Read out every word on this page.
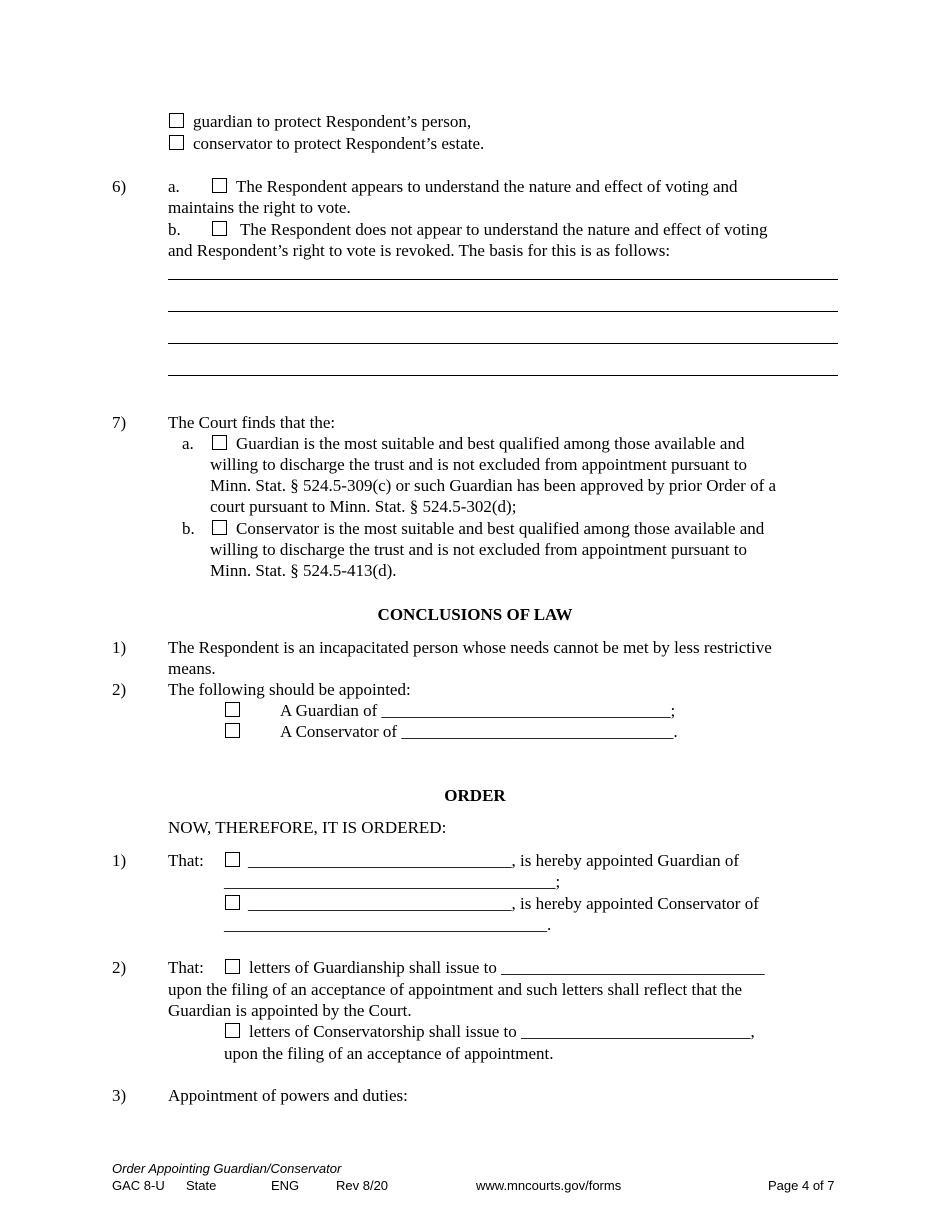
guardian to protect Respondent’s person,
conservator to protect Respondent’s estate.
6) a.	The Respondent appears to understand the nature and effect of voting and
maintains the right to vote.
b.	The Respondent does not appear to understand the nature and effect of voting
and Respondent’s right to vote is revoked. The basis for this is as follows:
7) The Court finds that the:
a. Guardian is the most suitable and best qualified among those available and
willing to discharge the trust and is not excluded from appointment pursuant to
Minn. Stat. § 524.5-309(c) or such Guardian has been approved by prior Order of a
court pursuant to Minn. Stat. § 524.5-302(d);
b. Conservator is the most suitable and best qualified among those available and
willing to discharge the trust and is not excluded from appointment pursuant to
Minn. Stat. § 524.5-413(d).
CONCLUSIONS OF LAW
1) The Respondent is an incapacitated person whose needs cannot be met by less restrictive
means.
2) The following should be appointed:
A Guardian of __________________________________;
A Conservator of ________________________________.
ORDER
NOW, THEREFORE, IT IS ORDERED:
1) That:	_______________________________, is hereby appointed Guardian of
_______________________________________;
_______________________________, is hereby appointed Conservator of
______________________________________.
2) That:	letters of Guardianship shall issue to _______________________________
upon the filing of an acceptance of appointment and such letters shall reflect that the
Guardian is appointed by the Court.
letters of Conservatorship shall issue to ___________________________,
upon the filing of an acceptance of appointment.
3) Appointment of powers and duties:
Order Appointing Guardian/Conservator
GAC 8-U State	ENG	Rev 8/20	www.mncourts.gov/forms	Page 4 of 7
